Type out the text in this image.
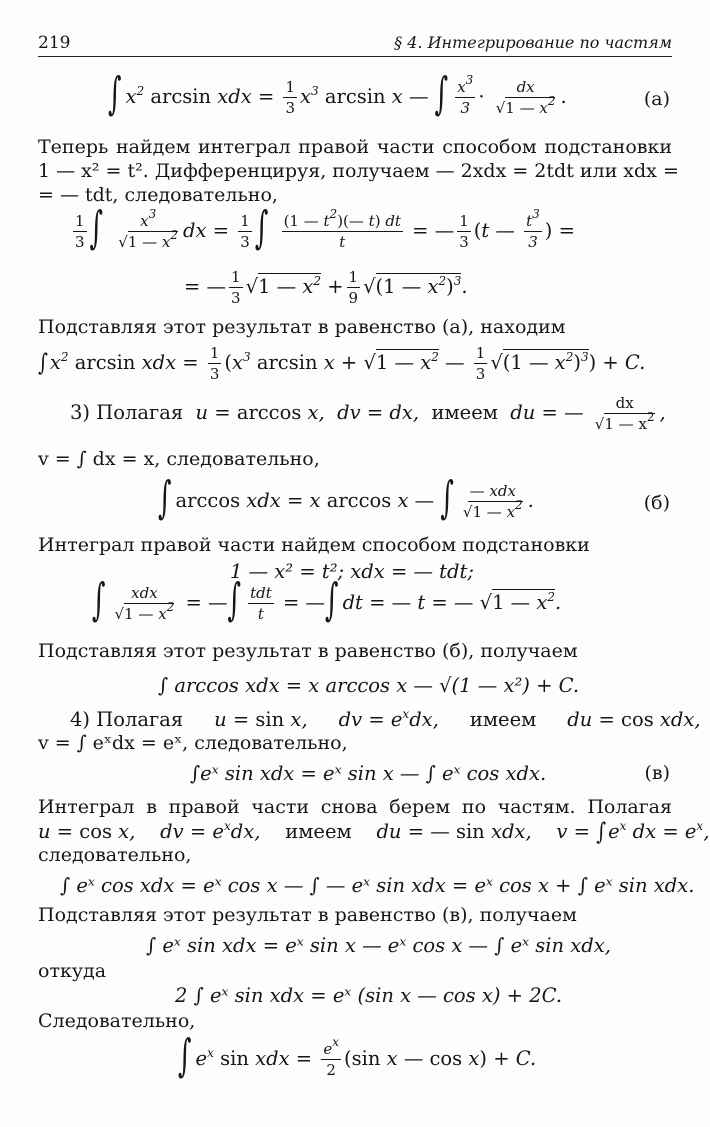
219	§ 4. Интегрирование по частям
∫ $x^2$ arcsin xdx = $\frac{1}{3} x^3$ arcsin x — ∫ $\frac{x^3}{3} \cdot \frac{dx}{√1 — x^2}$ .	(а)
Теперь найдем интеграл правой части способом подстановки
1 — x² = t². Дифференцируя, получаем — 2xdx = 2tdt или xdx =
= — tdt, следовательно,
$\frac{1}{3}$ ∫ $\frac{x^3}{√1 — x^2}$ dx = $\frac{1}{3}$ ∫ $\frac{(1 — t^2)(— t) dt}{t}$ = — $\frac{1}{3} (t$ — $\frac{t^3}{3}$ ) =
= — $\frac{1}{3} √1$ — $x^2 + \frac{1}{9} √(1$ — $x^2)^3$.
Подставляя этот результат в равенство (а), находим
∫ $x^2$ arcsin xdx = $\frac{1}{3} (x^3$ arcsin x + √1 — $x^2$ — $\frac{1}{3} √(1$ — $x^2)^3) + C$.
3) Полагая  u = arccos x,  dv = dx,  имеем  du = — $\frac{dx}{√1 — x^2}$ ,
v = ∫ dx = x, следовательно,
∫ arccos xdx = x arccos x — ∫ $\frac{\text{— xdx}}{√1 — x^2}$ .	(б)
Интеграл правой части найдем способом подстановки
1 — x² = t²; xdx = — tdt;
∫ $\frac{\text{xdx}}{√1 — x^2}$ = —∫ $\frac{\text{tdt}}{t}$ = —∫ dt = — t = — √1 — $x^2$.
Подставляя этот результат в равенство (б), получаем
∫ arccos xdx = x arccos x — √(1 — x²) + C.
4) Полагая     u = sin x,     dv = $e^xdx$,     имеем     du = cos xdx,
v = ∫ eˣdx = eˣ, следовательно,
∫eˣ sin xdx = eˣ sin x — ∫ eˣ cos xdx.	(в)
Интеграл в правой части снова берем по частям. Полагая
u = cos x,    dv = $e^xdx$,    имеем    du = — sin xdx,    v = ∫ $e^x$ dx = $e^x$,
следовательно,
∫ eˣ cos xdx = eˣ cos x — ∫ — eˣ sin xdx = eˣ cos x + ∫ eˣ sin xdx.
Подставляя этот результат в равенство (в), получаем
∫ eˣ sin xdx = eˣ sin x — eˣ cos x — ∫ eˣ sin xdx,
откуда
2 ∫ eˣ sin xdx = eˣ (sin x — cos x) + 2C.
Следовательно,
∫ $e^x$ sin xdx = $\frac{e^x}{2} (\sin$ x — cos x) + C.
